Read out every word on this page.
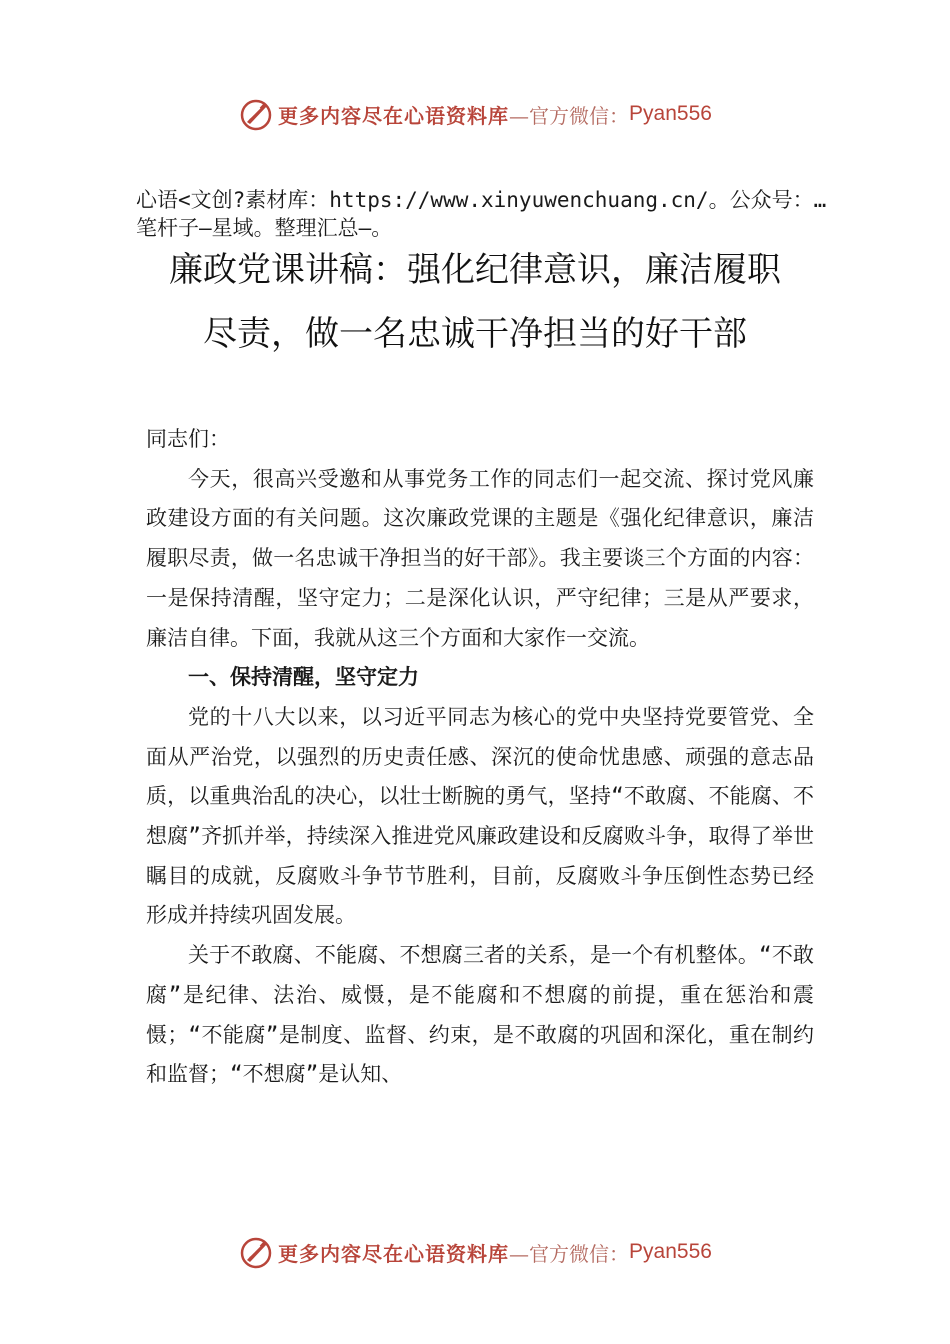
更多内容尽在心语资料库 —官方微信： Pyan556
心语<文创?素材库：https://www.xinyuwenchuang.cn/。公众号：…笔杆子—星域。整理汇总—。
廉政党课讲稿：强化纪律意识，廉洁履职
尽责，做一名忠诚干净担当的好干部

同志们：

今天，很高兴受邀和从事党务工作的同志们一起交流、探讨党风廉政建设方面的有关问题。这次廉政党课的主题是《强化纪律意识，廉洁履职尽责，做一名忠诚干净担当的好干部》。我主要谈三个方面的内容：一是保持清醒，坚守定力；二是深化认识，严守纪律；三是从严要求，廉洁自律。下面，我就从这三个方面和大家作一交流。

一、保持清醒，坚守定力

党的十八大以来，以习近平同志为核心的党中央坚持党要管党、全面从严治党，以强烈的历史责任感、深沉的使命忧患感、顽强的意志品质，以重典治乱的决心，以壮士断腕的勇气，坚持“不敢腐、不能腐、不想腐”齐抓并举，持续深入推进党风廉政建设和反腐败斗争，取得了举世瞩目的成就，反腐败斗争节节胜利，目前，反腐败斗争压倒性态势已经形成并持续巩固发展。

关于不敢腐、不能腐、不想腐三者的关系，是一个有机整体。“不敢腐”是纪律、法治、威慑，是不能腐和不想腐的前提，重在惩治和震慑；“不能腐”是制度、监督、约束，是不敢腐的巩固和深化，重在制约和监督；“不想腐”是认知、

更多内容尽在心语资料库 —官方微信： Pyan556
